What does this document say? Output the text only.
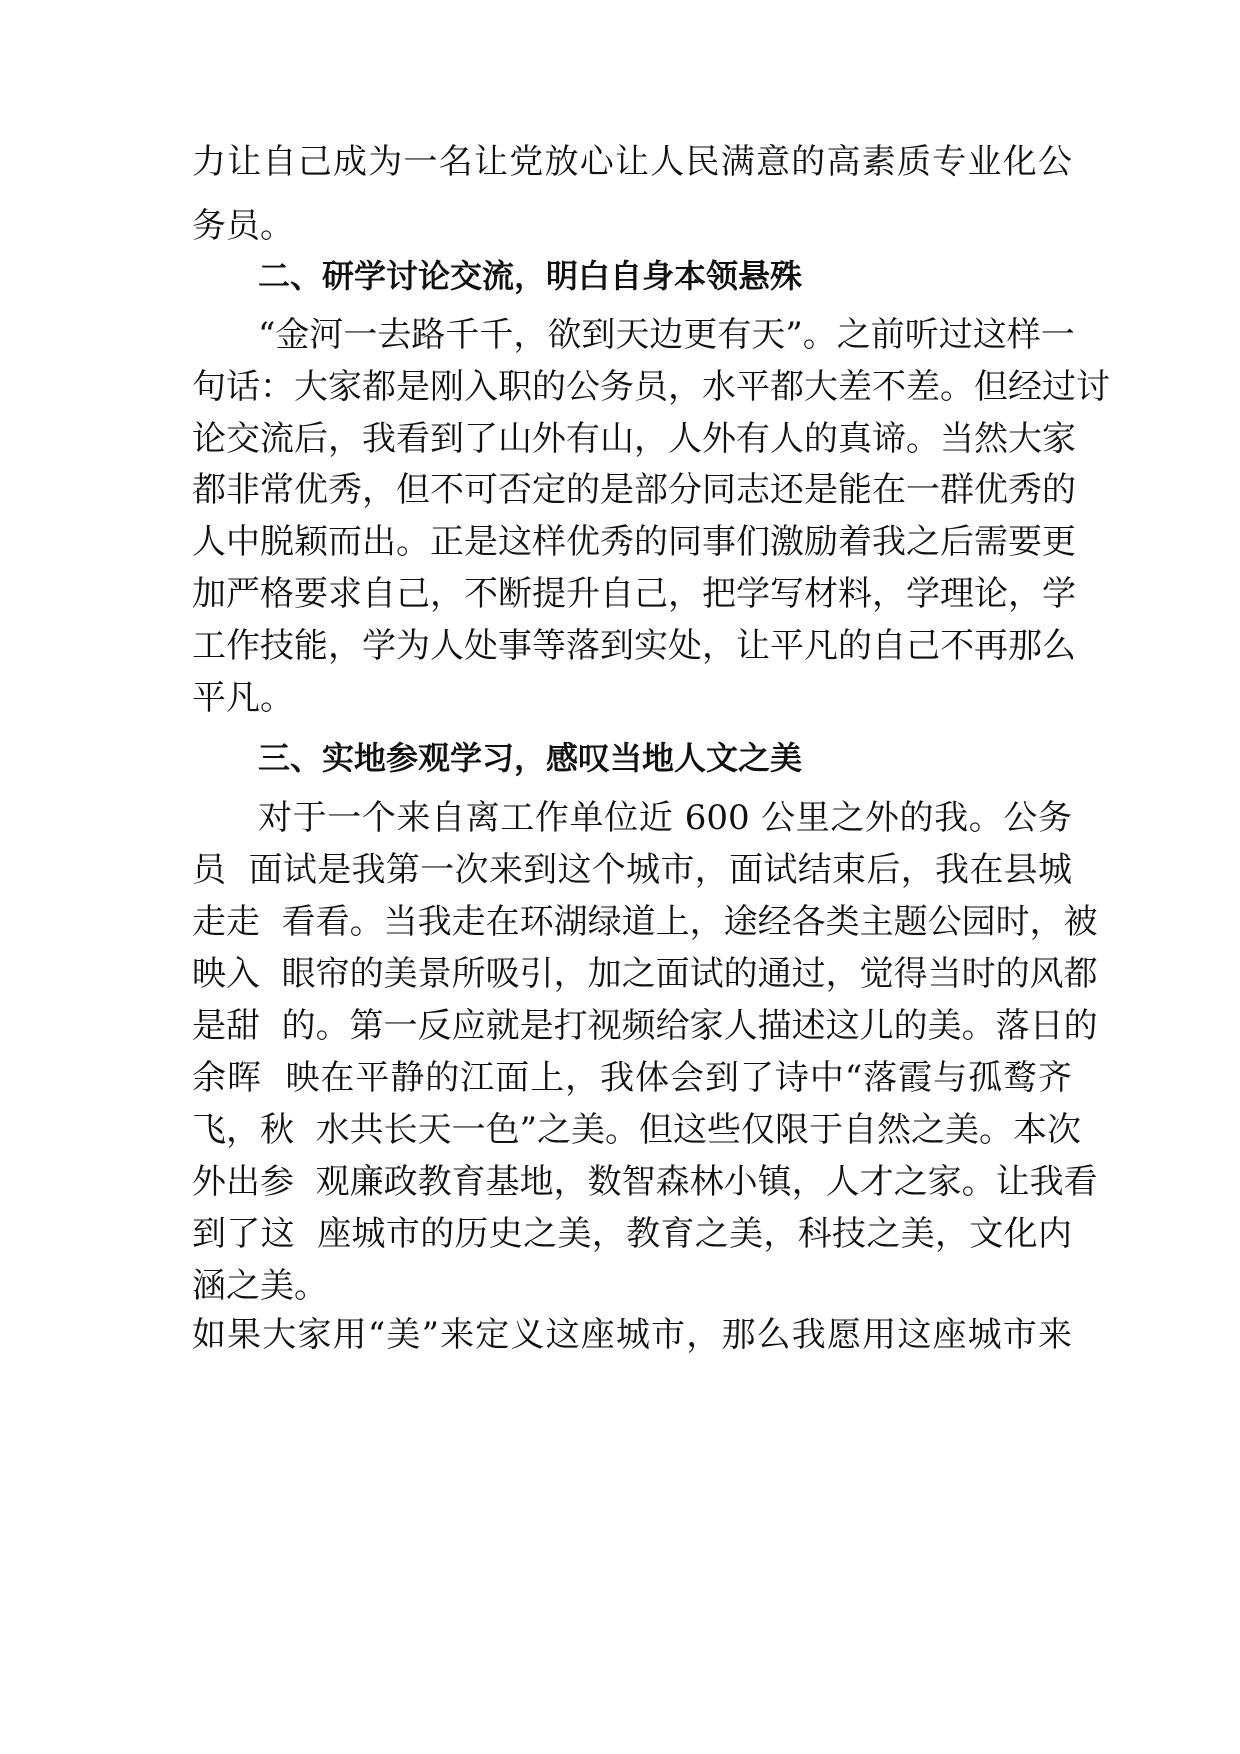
力让自己成为一名让党放心让人民满意的高素质专业化公
务员。
二、研学讨论交流，明白自身本领悬殊
“金河一去路千千，欲到天边更有天”。之前听过这样一
句话：大家都是刚入职的公务员，水平都大差不差。但经过讨
论交流后，我看到了山外有山，人外有人的真谛。当然大家
都非常优秀，但不可否定的是部分同志还是能在一群优秀的
人中脱颖而出。正是这样优秀的同事们激励着我之后需要更
加严格要求自己，不断提升自己，把学写材料，学理论，学
工作技能，学为人处事等落到实处，让平凡的自己不再那么
平凡。
三、实地参观学习，感叹当地人文之美
对于一个来自离工作单位近 600 公里之外的我。公务
员  面试是我第一次来到这个城市，面试结束后，我在县城
走走  看看。当我走在环湖绿道上，途经各类主题公园时，被
映入  眼帘的美景所吸引，加之面试的通过，觉得当时的风都
是甜  的。第一反应就是打视频给家人描述这儿的美。落日的
余晖  映在平静的江面上，我体会到了诗中“落霞与孤鹜齐
飞，秋  水共长天一色”之美。但这些仅限于自然之美。本次
外出参  观廉政教育基地，数智森林小镇，人才之家。让我看
到了这  座城市的历史之美，教育之美，科技之美，文化内
涵之美。
如果大家用“美”来定义这座城市，那么我愿用这座城市来
